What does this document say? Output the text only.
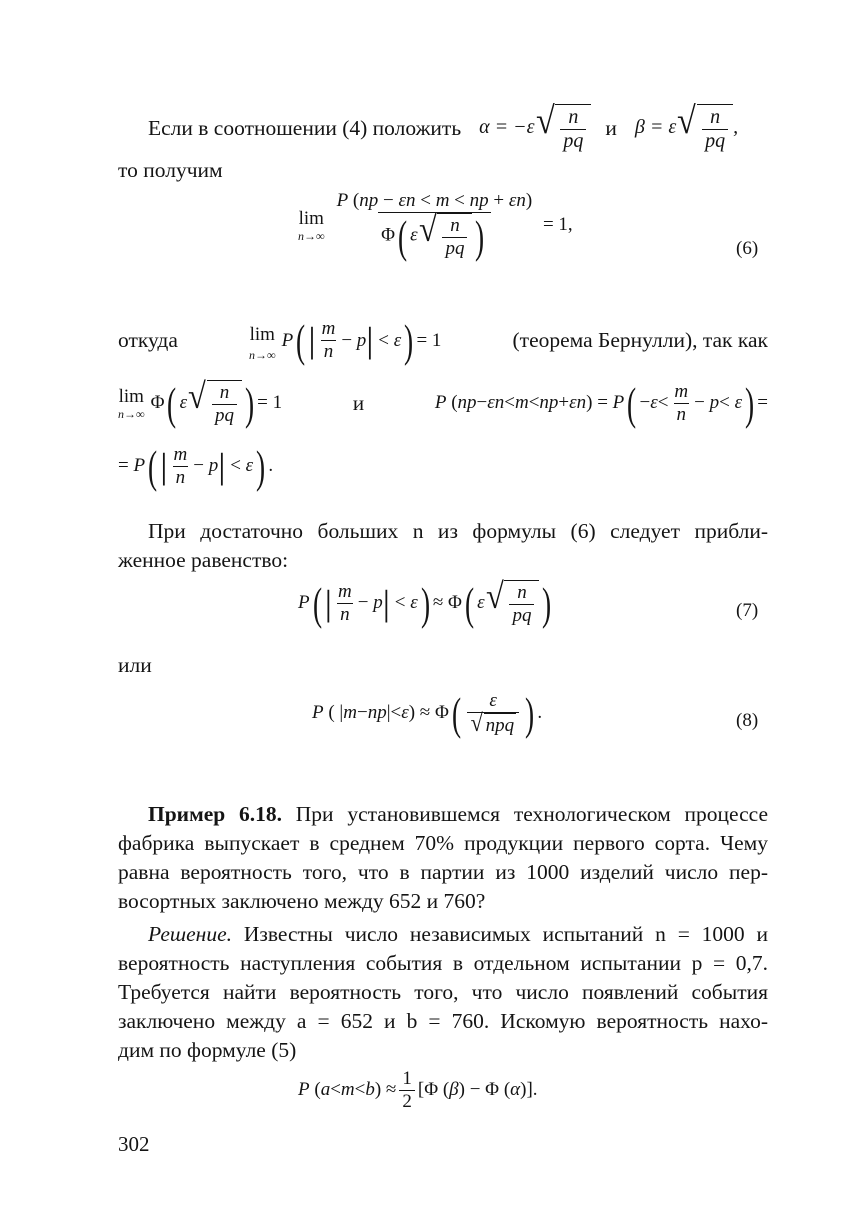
Если в соотношении (4) положить α = −ε √ $\frac{n}{pq}$ и β = ε √ $\frac{n}{pq}$ ,
то получим
lim
$n\to\infty \frac{P (np - \varepsilon n < m < np + \varepsilon n)}{\Phi( \varepsilon √ \frac{n}{pq} )} = 1$,
(6)
откуда	lim
n→∞
P ( | $\frac{m}{n} - p$ | < ε ) = 1	(теорема Бернулли), так как
lim
n→∞
Φ ( ε √ $\frac{n}{pq}$ ) = 1	и	P ( np − εn < m < np + εn ) = P ( − $\varepsilon < \frac{m}{n} - p < \varepsilon$ ) =
= P ( | $\frac{m}{n} - p$ | < ε ) .
При достаточно больших n из формулы (6) следует прибли-
женное равенство:
P ( | $\frac{m}{n} - p$ | < ε ) ≈ Φ ( ε √ $\frac{n}{pq}$ )	(7)
или
P ( | m − np |< ε ) ≈ Φ ( $\frac{\varepsilon}{\text{√ npq}}$ ) .	(8)
Пример 6.18. При установившемся технологическом процессе
фабрика выпускает в среднем 70% продукции первого сорта. Чему
равна вероятность того, что в партии из 1000 изделий число пер-
восортных заключено между 652 и 760?
Решение. Известны число независимых испытаний n = 1000 и
вероятность наступления события в отдельном испытании p = 0,7.
Требуется найти вероятность того, что число появлений события
заключено между a = 652 и b = 760. Искомую вероятность нахо-
дим по формуле (5)
P ( a < m < b ) ≈ $\frac{1}{2} [\Phi$ ( β ) − Φ ( α )].
302
